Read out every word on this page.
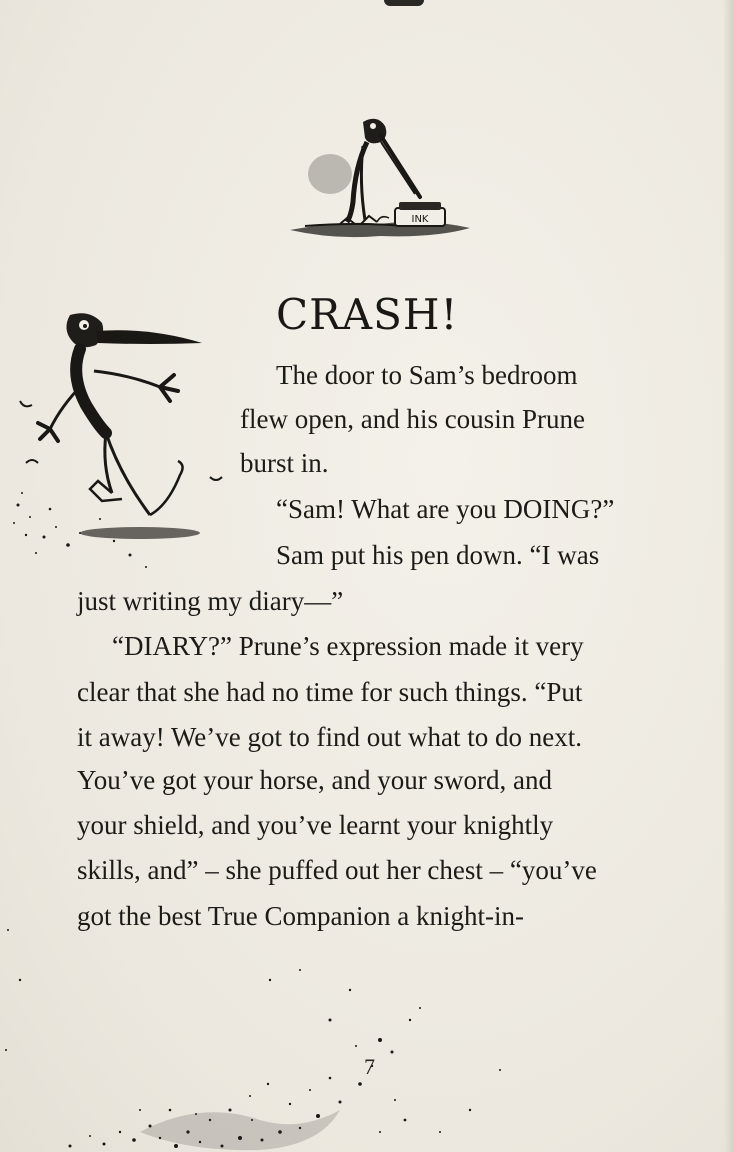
INK
CRASH!
The door to Sam’s bedroom
flew open, and his cousin Prune
burst in.
“Sam! What are you DOING?”
Sam put his pen down. “I was
just writing my diary—”
“DIARY?” Prune’s expression made it very
clear that she had no time for such things. “Put
it away! We’ve got to find out what to do next.
You’ve got your horse, and your sword, and
your shield, and you’ve learnt your knightly
skills, and” – she puffed out her chest – “you’ve
got the best True Companion a knight-in-
7
